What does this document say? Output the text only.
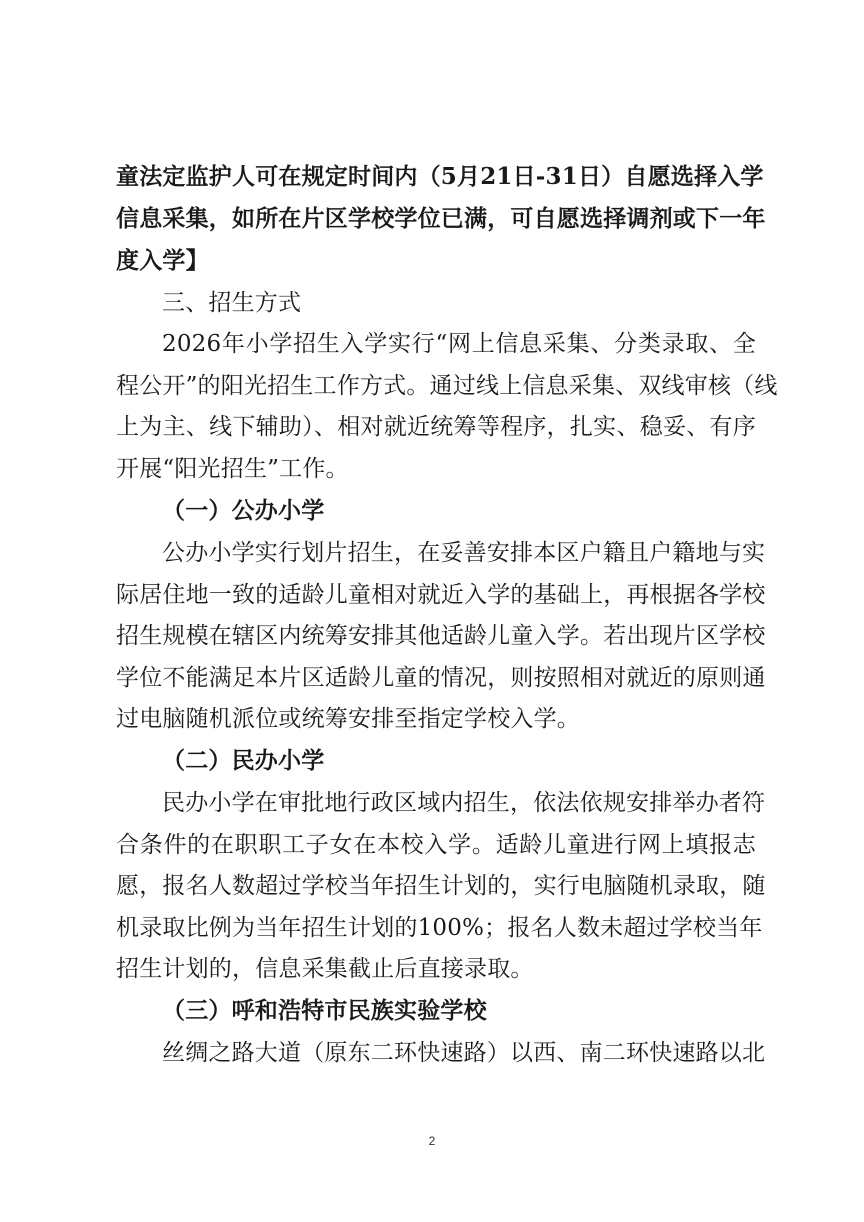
童法定监护人可在规定时间内（5月21日-31日）自愿选择入学
信息采集，如所在片区学校学位已满，可自愿选择调剂或下一年
度入学】
三、招生方式
2026年小学招生入学实行“网上信息采集、分类录取、全
程公开”的阳光招生工作方式。通过线上信息采集、双线审核（线
上为主、线下辅助）、相对就近统筹等程序，扎实、稳妥、有序
开展“阳光招生”工作。
（一）公办小学
公办小学实行划片招生，在妥善安排本区户籍且户籍地与实
际居住地一致的适龄儿童相对就近入学的基础上，再根据各学校
招生规模在辖区内统筹安排其他适龄儿童入学。若出现片区学校
学位不能满足本片区适龄儿童的情况，则按照相对就近的原则通
过电脑随机派位或统筹安排至指定学校入学。
（二）民办小学
民办小学在审批地行政区域内招生，依法依规安排举办者符
合条件的在职职工子女在本校入学。适龄儿童进行网上填报志
愿，报名人数超过学校当年招生计划的，实行电脑随机录取，随
机录取比例为当年招生计划的100%；报名人数未超过学校当年
招生计划的，信息采集截止后直接录取。
（三）呼和浩特市民族实验学校
丝绸之路大道（原东二环快速路）以西、南二环快速路以北
2
